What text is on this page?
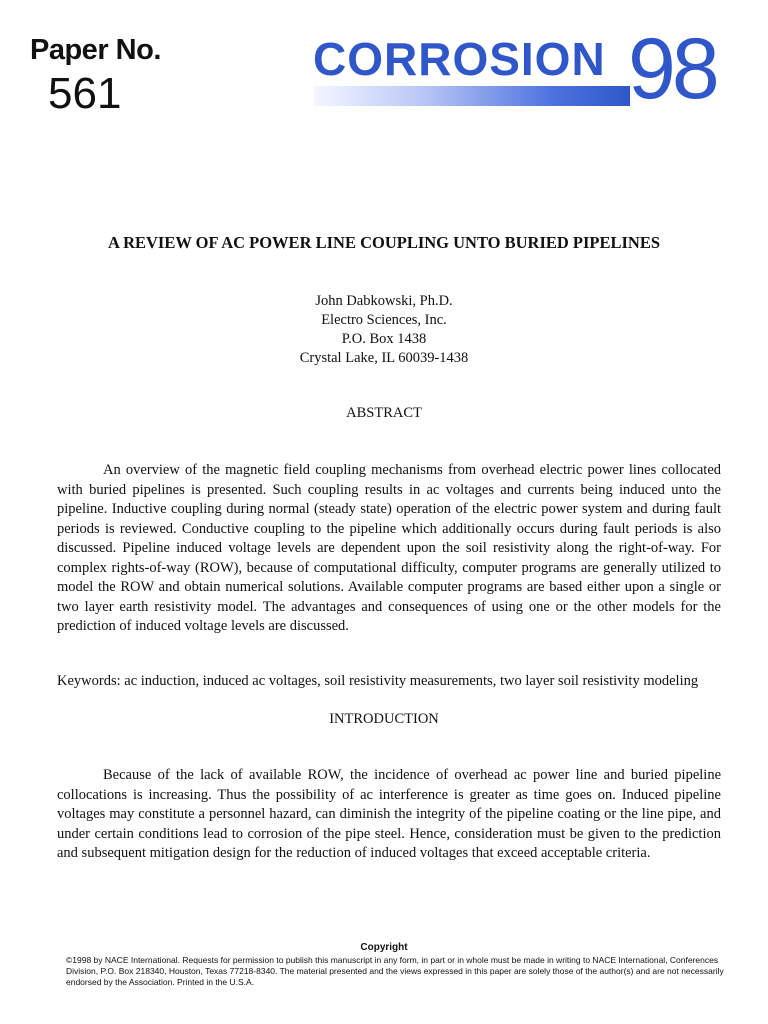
Paper No.
561
CORROSION 98
A REVIEW OF AC POWER LINE COUPLING UNTO BURIED PIPELINES
John Dabkowski, Ph.D.
Electro Sciences, Inc.
P.O. Box 1438
Crystal Lake, IL 60039-1438
ABSTRACT

An overview of the magnetic field coupling mechanisms from overhead electric power lines collocated with buried pipelines is presented. Such coupling results in ac voltages and currents being induced unto the pipeline. Inductive coupling during normal (steady state) operation of the electric power system and during fault periods is reviewed. Conductive coupling to the pipeline which additionally occurs during fault periods is also discussed. Pipeline induced voltage levels are dependent upon the soil resistivity along the right-of-way. For complex rights-of-way (ROW), because of computational difficulty, computer programs are generally utilized to model the ROW and obtain numerical solutions. Available computer programs are based either upon a single or two layer earth resistivity model. The advantages and consequences of using one or the other models for the prediction of induced voltage levels are discussed.

Keywords: ac induction, induced ac voltages, soil resistivity measurements, two layer soil resistivity modeling

INTRODUCTION

Because of the lack of available ROW, the incidence of overhead ac power line and buried pipeline collocations is increasing. Thus the possibility of ac interference is greater as time goes on. Induced pipeline voltages may constitute a personnel hazard, can diminish the integrity of the pipeline coating or the line pipe, and under certain conditions lead to corrosion of the pipe steel. Hence, consideration must be given to the prediction and subsequent mitigation design for the reduction of induced voltages that exceed acceptable criteria.

Copyright

©1998 by NACE International. Requests for permission to publish this manuscript in any form, in part or in whole must be made in writing to NACE International, Conferences Division, P.O. Box 218340, Houston, Texas 77218-8340. The material presented and the views expressed in this paper are solely those of the author(s) and are not necessarily endorsed by the Association. Printed in the U.S.A.
